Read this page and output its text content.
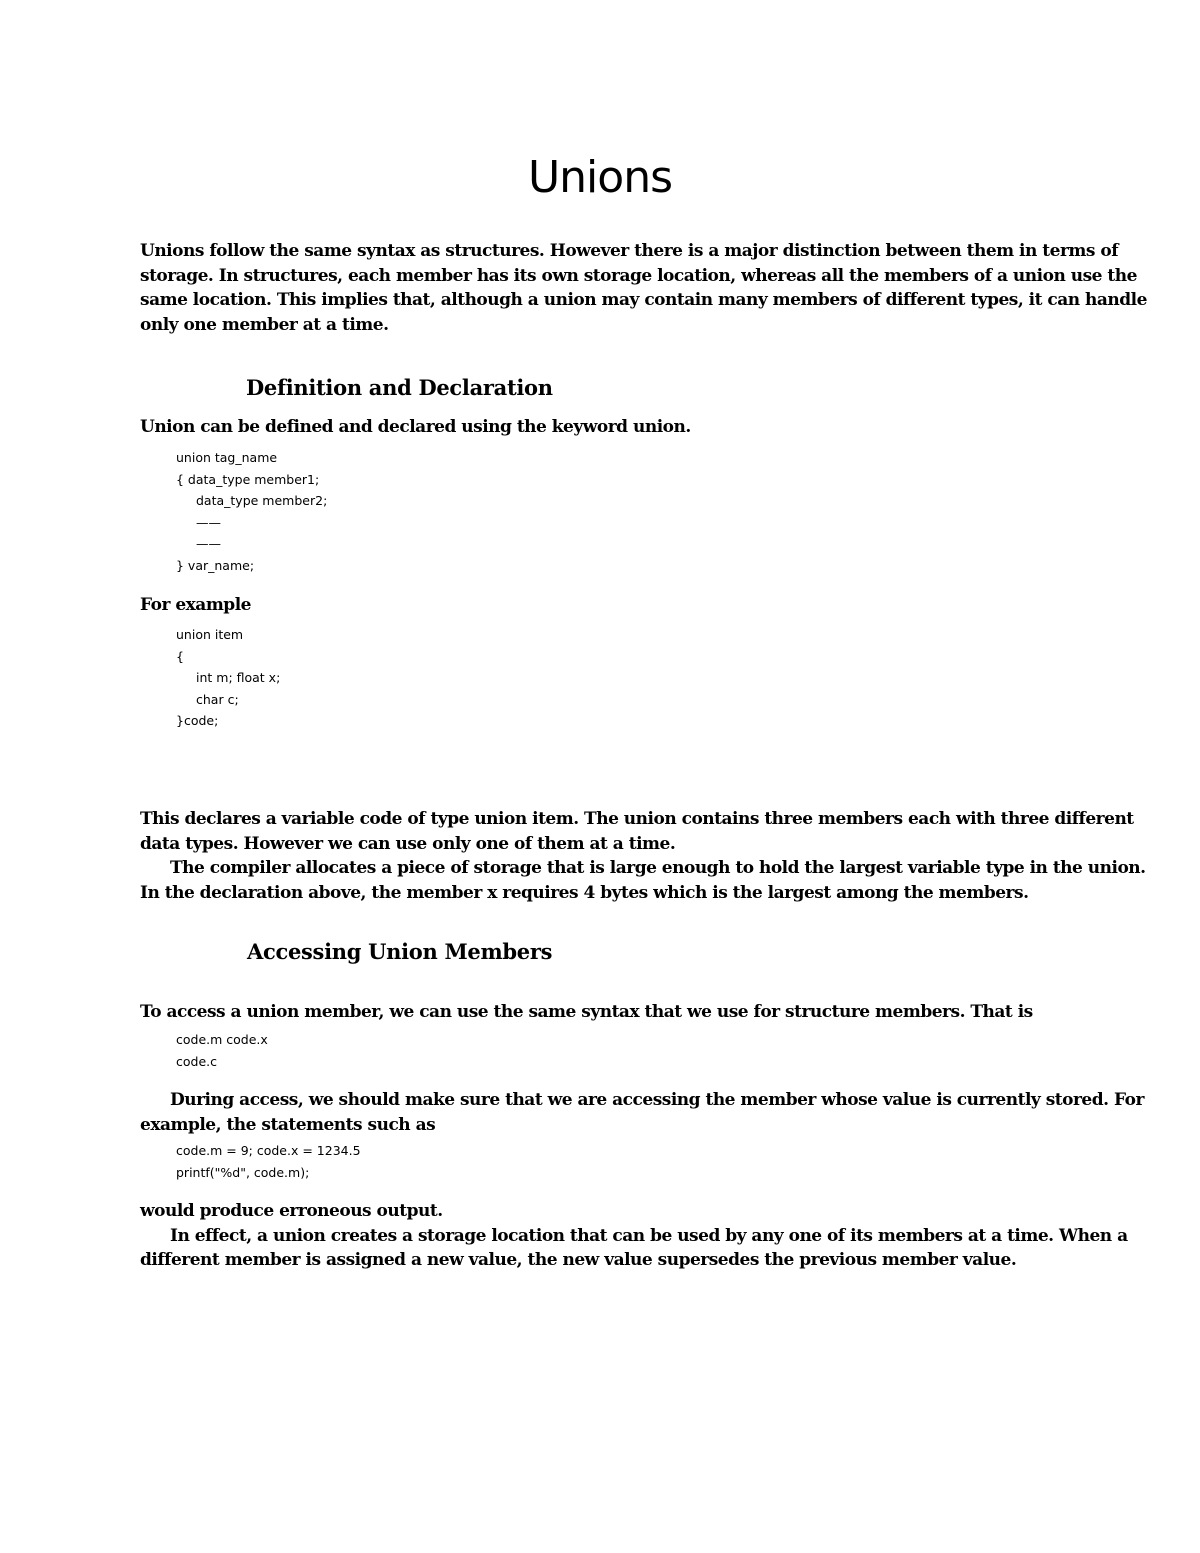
Unions
Unions follow the same syntax as structures. However there is a major distinction between them in terms of
storage. In structures, each member has its own storage location, whereas all the members of a union use the
same location. This implies that, although a union may contain many members of different types, it can handle
only one member at a time.
Definition and Declaration
Union can be defined and declared using the keyword union.
union tag_name
{ data_type member1;
data_type member2;
——
——
} var_name;
For example
union item
{
int m; float x;
char c;
}code;
This declares a variable code of type union item. The union contains three members each with three different
data types. However we can use only one of them at a time.
The compiler allocates a piece of storage that is large enough to hold the largest variable type in the union.
In the declaration above, the member x requires 4 bytes which is the largest among the members.
Accessing Union Members
To access a union member, we can use the same syntax that we use for structure members. That is
code.m code.x
code.c
During access, we should make sure that we are accessing the member whose value is currently stored. For
example, the statements such as
code.m = 9; code.x = 1234.5
printf("%d", code.m);
would produce erroneous output.
In effect, a union creates a storage location that can be used by any one of its members at a time. When a
different member is assigned a new value, the new value supersedes the previous member value.
